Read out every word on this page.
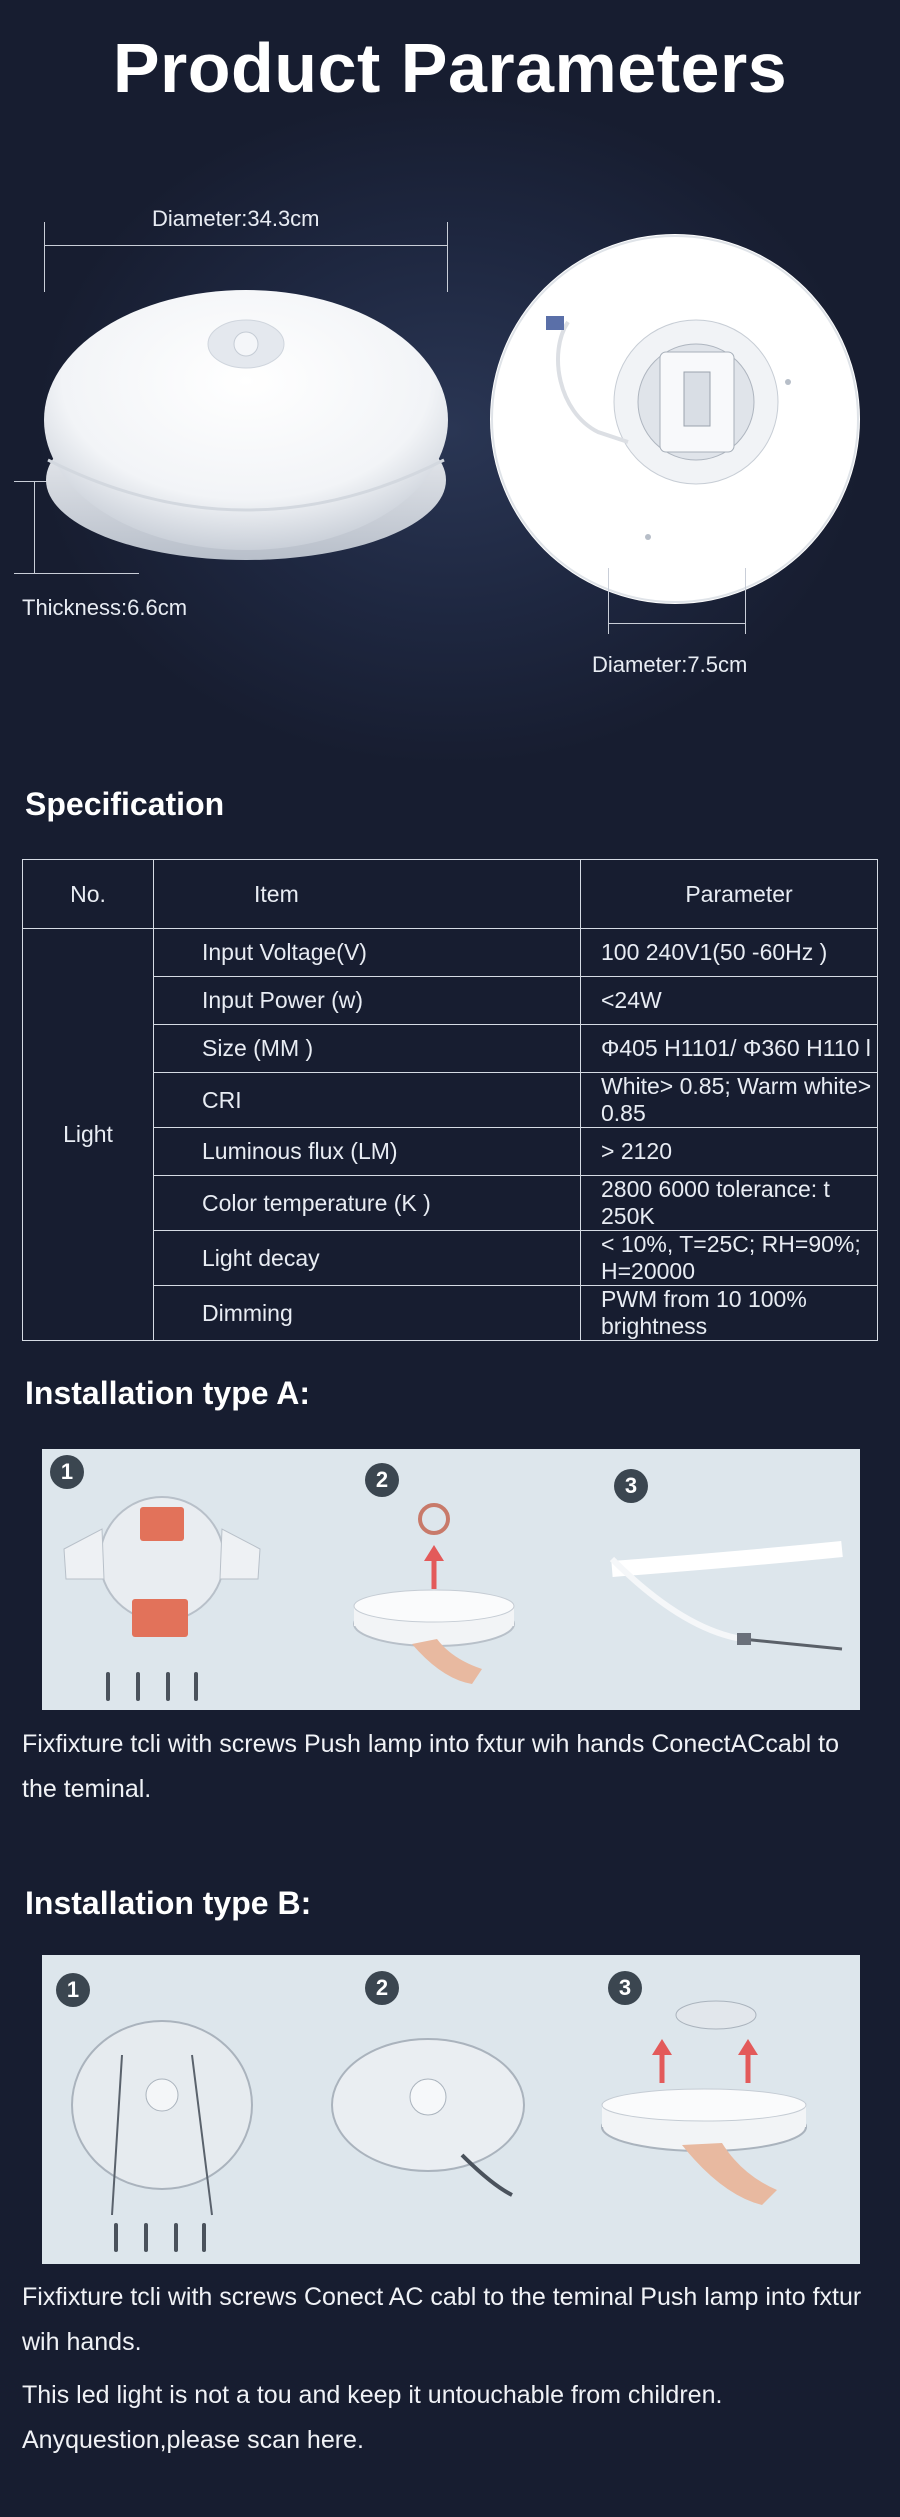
Product Parameters
Diameter:34.3cm
Thickness:6.6cm
Diameter:7.5cm
Specification
No.	Item	Parameter
Light	Input Voltage(V)	100 240V1(50 -60Hz )
	Input Power (w)	<24W
	Size (MM )	Φ405 H1101/ Φ360 H110 l
	CRI	White> 0.85; Warm white> 0.85
	Luminous flux (LM)	> 2120
	Color temperature (K )	2800 6000 tolerance: t 250K
	Light decay	< 10%, T=25C; RH=90%; H=20000
	Dimming	PWM from 10 100% brightness
Installation type A:
1	2	3
Fixfixture tcli with screws Push lamp into fxtur wih hands ConectACcabl to the teminal.
Installation type B:
1	2	3
Fixfixture tcli with screws Conect AC cabl to the teminal Push lamp into fxtur wih hands.
This led light is not a tou and keep it untouchable from children. Anyquestion,please scan here.
